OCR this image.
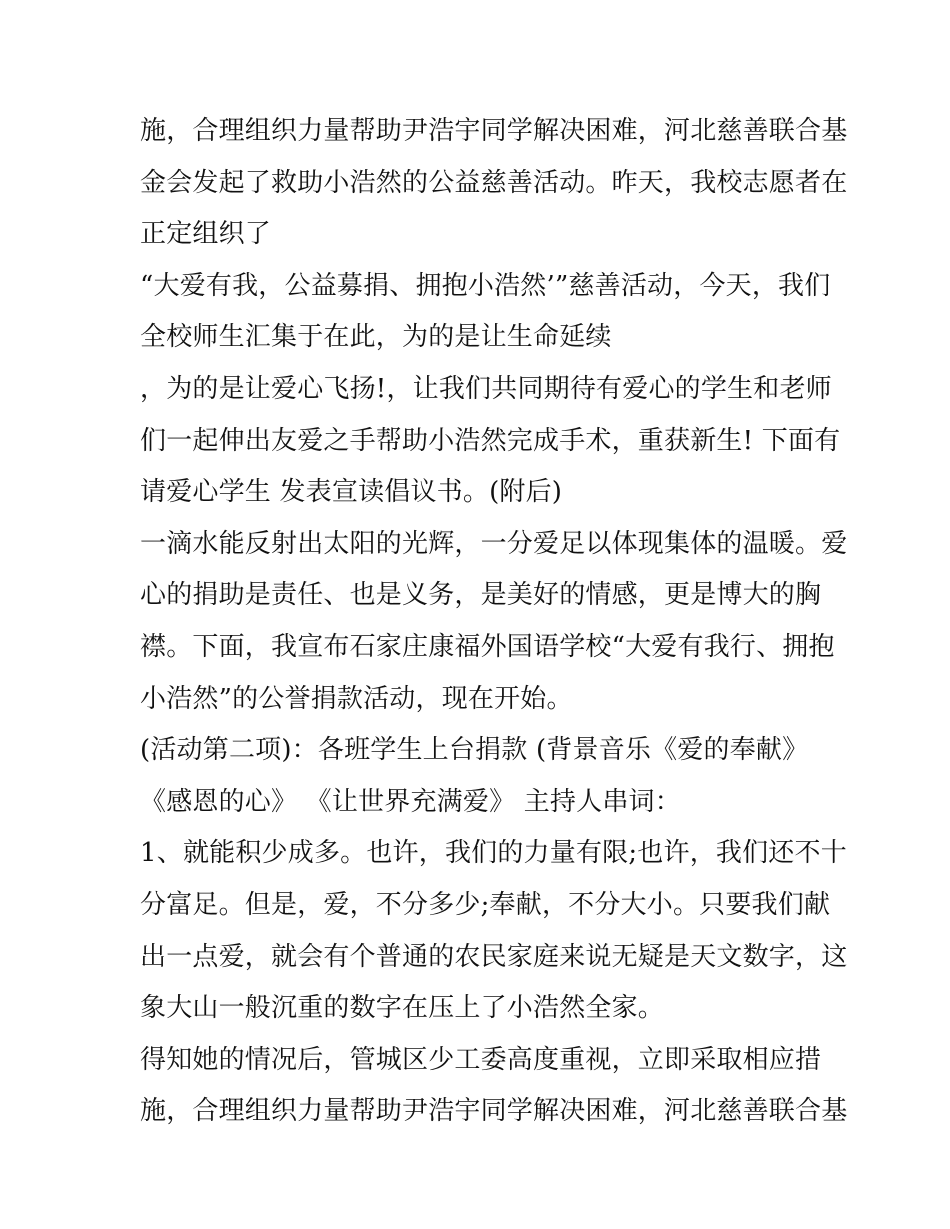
施，合理组织力量帮助尹浩宇同学解决困难，河北慈善联合基
金会发起了救助小浩然的公益慈善活动。昨天，我校志愿者在
正定组织了
“大爱有我，公益募捐、拥抱小浩然’”慈善活动，今天，我们
全校师生汇集于在此，为的是让生命延续
，为的是让爱心飞扬!，让我们共同期待有爱心的学生和老师
们一起伸出友爱之手帮助小浩然完成手术，重获新生! 下面有
请爱心学生 发表宣读倡议书。(附后)
一滴水能反射出太阳的光辉，一分爱足以体现集体的温暖。爱
心的捐助是责任、也是义务，是美好的情感，更是博大的胸
襟。下面，我宣布石家庄康福外国语学校“大爱有我行、拥抱
小浩然”的公誉捐款活动，现在开始。
(活动第二项)：各班学生上台捐款 (背景音乐《爱的奉献》
《感恩的心》 《让世界充满爱》 主持人串词：
1、就能积少成多。也许，我们的力量有限;也许，我们还不十
分富足。但是，爱，不分多少;奉献，不分大小。只要我们献
出一点爱，就会有个普通的农民家庭来说无疑是天文数字，这
象大山一般沉重的数字在压上了小浩然全家。
得知她的情况后，管城区少工委高度重视，立即采取相应措
施，合理组织力量帮助尹浩宇同学解决困难，河北慈善联合基
